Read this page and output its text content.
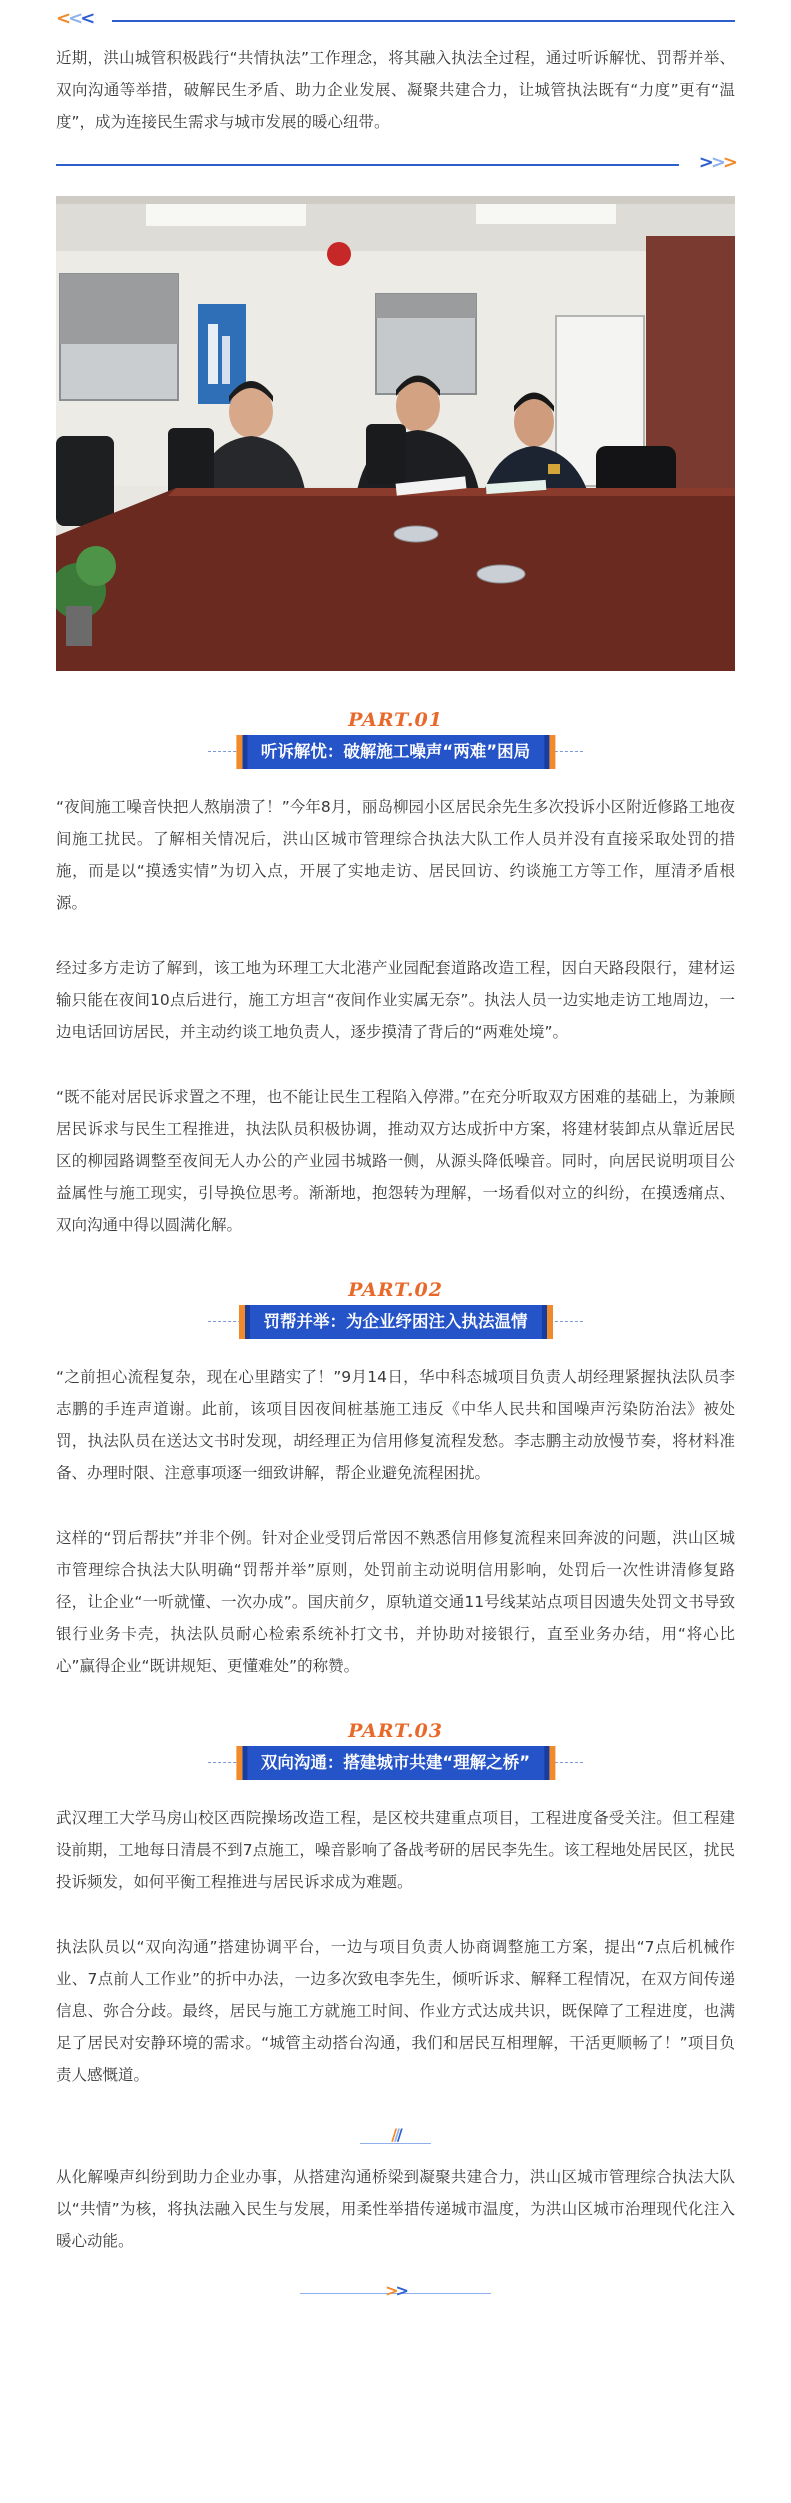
<<<

近期，洪山城管积极践行“共情执法”工作理念，将其融入执法全过程，通过听诉解忧、罚帮并举、双向沟通等举措，破解民生矛盾、助力企业发展、凝聚共建合力，让城管执法既有“力度”更有“温度”，成为连接民生需求与城市发展的暖心纽带。

>>>
PART.01
听诉解忧：破解施工噪声“两难”困局

“夜间施工噪音快把人熬崩溃了！”今年8月，丽岛柳园小区居民余先生多次投诉小区附近修路工地夜间施工扰民。了解相关情况后，洪山区城市管理综合执法大队工作人员并没有直接采取处罚的措施，而是以“摸透实情”为切入点，开展了实地走访、居民回访、约谈施工方等工作，厘清矛盾根源。

经过多方走访了解到，该工地为环理工大北港产业园配套道路改造工程，因白天路段限行，建材运输只能在夜间10点后进行，施工方坦言“夜间作业实属无奈”。执法人员一边实地走访工地周边，一边电话回访居民，并主动约谈工地负责人，逐步摸清了背后的“两难处境”。

“既不能对居民诉求置之不理，也不能让民生工程陷入停滞。”在充分听取双方困难的基础上，为兼顾居民诉求与民生工程推进，执法队员积极协调，推动双方达成折中方案，将建材装卸点从靠近居民区的柳园路调整至夜间无人办公的产业园书城路一侧，从源头降低噪音。同时，向居民说明项目公益属性与施工现实，引导换位思考。渐渐地，抱怨转为理解，一场看似对立的纠纷，在摸透痛点、双向沟通中得以圆满化解。

PART.02
罚帮并举：为企业纾困注入执法温情

“之前担心流程复杂，现在心里踏实了！”9月14日，华中科态城项目负责人胡经理紧握执法队员李志鹏的手连声道谢。此前，该项目因夜间桩基施工违反《中华人民共和国噪声污染防治法》被处罚，执法队员在送达文书时发现，胡经理正为信用修复流程发愁。李志鹏主动放慢节奏，将材料准备、办理时限、注意事项逐一细致讲解，帮企业避免流程困扰。

这样的“罚后帮扶”并非个例。针对企业受罚后常因不熟悉信用修复流程来回奔波的问题，洪山区城市管理综合执法大队明确“罚帮并举”原则，处罚前主动说明信用影响，处罚后一次性讲清修复路径，让企业“一听就懂、一次办成”。国庆前夕，原轨道交通11号线某站点项目因遗失处罚文书导致银行业务卡壳，执法队员耐心检索系统补打文书，并协助对接银行，直至业务办结，用“将心比心”赢得企业“既讲规矩、更懂难处”的称赞。

PART.03
双向沟通：搭建城市共建“理解之桥”

武汉理工大学马房山校区西院操场改造工程，是区校共建重点项目，工程进度备受关注。但工程建设前期，工地每日清晨不到7点施工，噪音影响了备战考研的居民李先生。该工程地处居民区，扰民投诉频发，如何平衡工程推进与居民诉求成为难题。

执法队员以“双向沟通”搭建协调平台，一边与项目负责人协商调整施工方案，提出“7点后机械作业、7点前人工作业”的折中办法，一边多次致电李先生，倾听诉求、解释工程情况，在双方间传递信息、弥合分歧。最终，居民与施工方就施工时间、作业方式达成共识，既保障了工程进度，也满足了居民对安静环境的需求。“城管主动搭台沟通，我们和居民互相理解，干活更顺畅了！”项目负责人感慨道。

///

从化解噪声纠纷到助力企业办事，从搭建沟通桥梁到凝聚共建合力，洪山区城市管理综合执法大队以“共情”为核，将执法融入民生与发展，用柔性举措传递城市温度，为洪山区城市治理现代化注入暖心动能。

>>
